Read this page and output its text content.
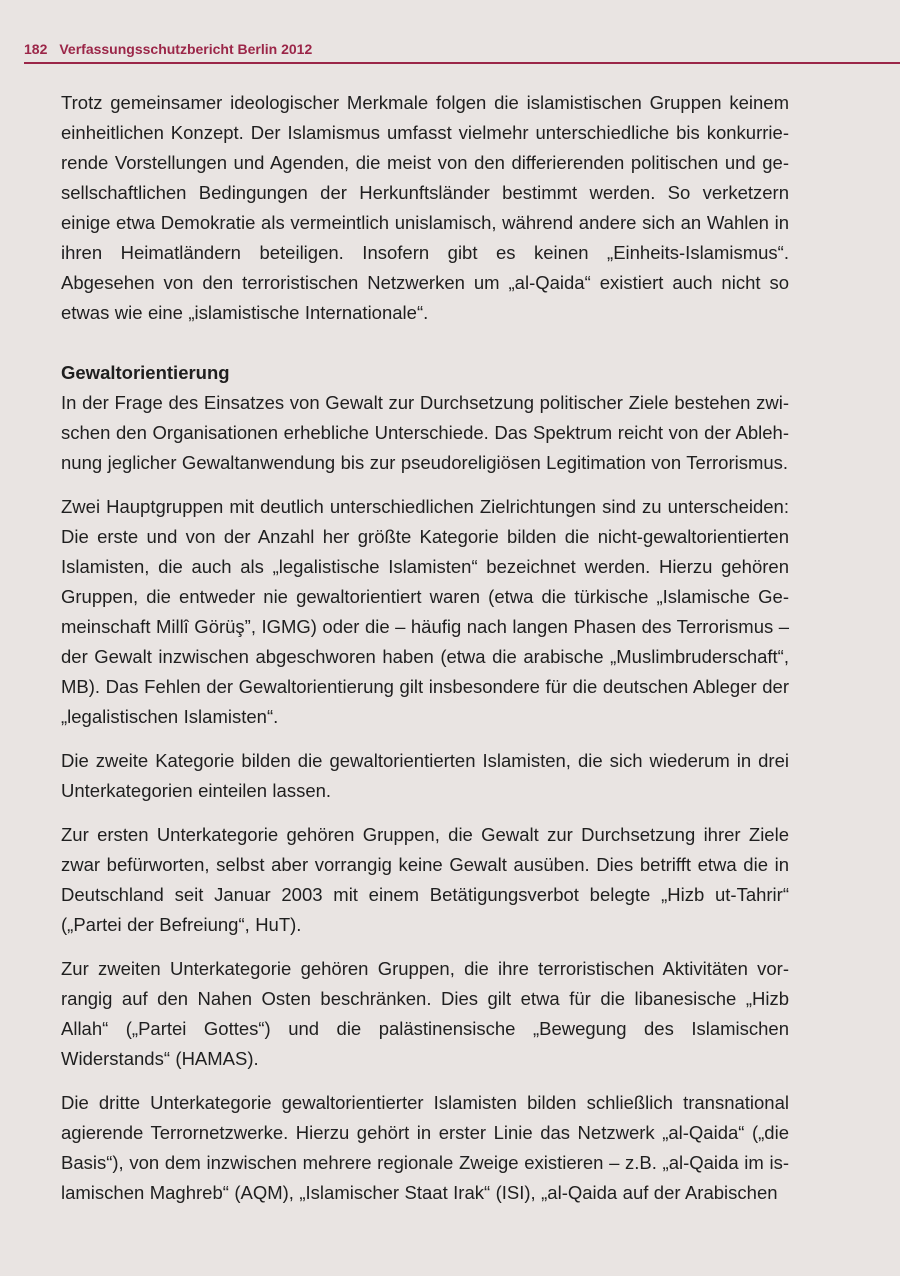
182 Verfassungsschutzbericht Berlin 2012

Trotz gemeinsamer ideologischer Merkmale folgen die islamistischen Gruppen keinem einheitlichen Konzept. Der Islamismus umfasst vielmehr unterschiedliche bis konkurrierende Vorstellungen und Agenden, die meist von den differierenden politischen und gesellschaftlichen Bedingungen der Herkunftsländer bestimmt werden. So verketzern einige etwa Demokratie als vermeintlich unislamisch, während andere sich an Wahlen in ihren Heimatländern beteiligen. Insofern gibt es keinen „Einheits-Islamismus“. Abgesehen von den terroristischen Netzwerken um „al-Qaida“ existiert auch nicht so etwas wie eine „islamistische Internationale“.

Gewaltorientierung

In der Frage des Einsatzes von Gewalt zur Durchsetzung politischer Ziele bestehen zwischen den Organisationen erhebliche Unterschiede. Das Spektrum reicht von der Ablehnung jeglicher Gewaltanwendung bis zur pseudoreligiösen Legitimation von Terrorismus.

Zwei Hauptgruppen mit deutlich unterschiedlichen Zielrichtungen sind zu unterscheiden: Die erste und von der Anzahl her größte Kategorie bilden die nicht-gewaltorientierten Islamisten, die auch als „legalistische Islamisten“ bezeichnet werden. Hierzu gehören Gruppen, die entweder nie gewaltorientiert waren (etwa die türkische „Islamische Gemeinschaft Millî Görüş”, IGMG) oder die – häufig nach langen Phasen des Terrorismus – der Gewalt inzwischen abgeschworen haben (etwa die arabische „Muslimbruderschaft“, MB). Das Fehlen der Gewaltorientierung gilt insbesondere für die deutschen Ableger der „legalistischen Islamisten“.

Die zweite Kategorie bilden die gewaltorientierten Islamisten, die sich wiederum in drei Unterkategorien einteilen lassen.

Zur ersten Unterkategorie gehören Gruppen, die Gewalt zur Durchsetzung ihrer Ziele zwar befürworten, selbst aber vorrangig keine Gewalt ausüben. Dies betrifft etwa die in Deutschland seit Januar 2003 mit einem Betätigungsverbot belegte „Hizb ut-Tahrir“ („Partei der Befreiung“, HuT).

Zur zweiten Unterkategorie gehören Gruppen, die ihre terroristischen Aktivitäten vorrangig auf den Nahen Osten beschränken. Dies gilt etwa für die libanesische „Hizb Allah“ („Partei Gottes“) und die palästinensische „Bewegung des Islamischen Widerstands“ (HAMAS).

Die dritte Unterkategorie gewaltorientierter Islamisten bilden schließlich transnational agierende Terrornetzwerke. Hierzu gehört in erster Linie das Netzwerk „al-Qaida“ („die Basis“), von dem inzwischen mehrere regionale Zweige existieren – z.B. „al-Qaida im islamischen Maghreb“ (AQM), „Islamischer Staat Irak“ (ISI), „al-Qaida auf der Arabischen
